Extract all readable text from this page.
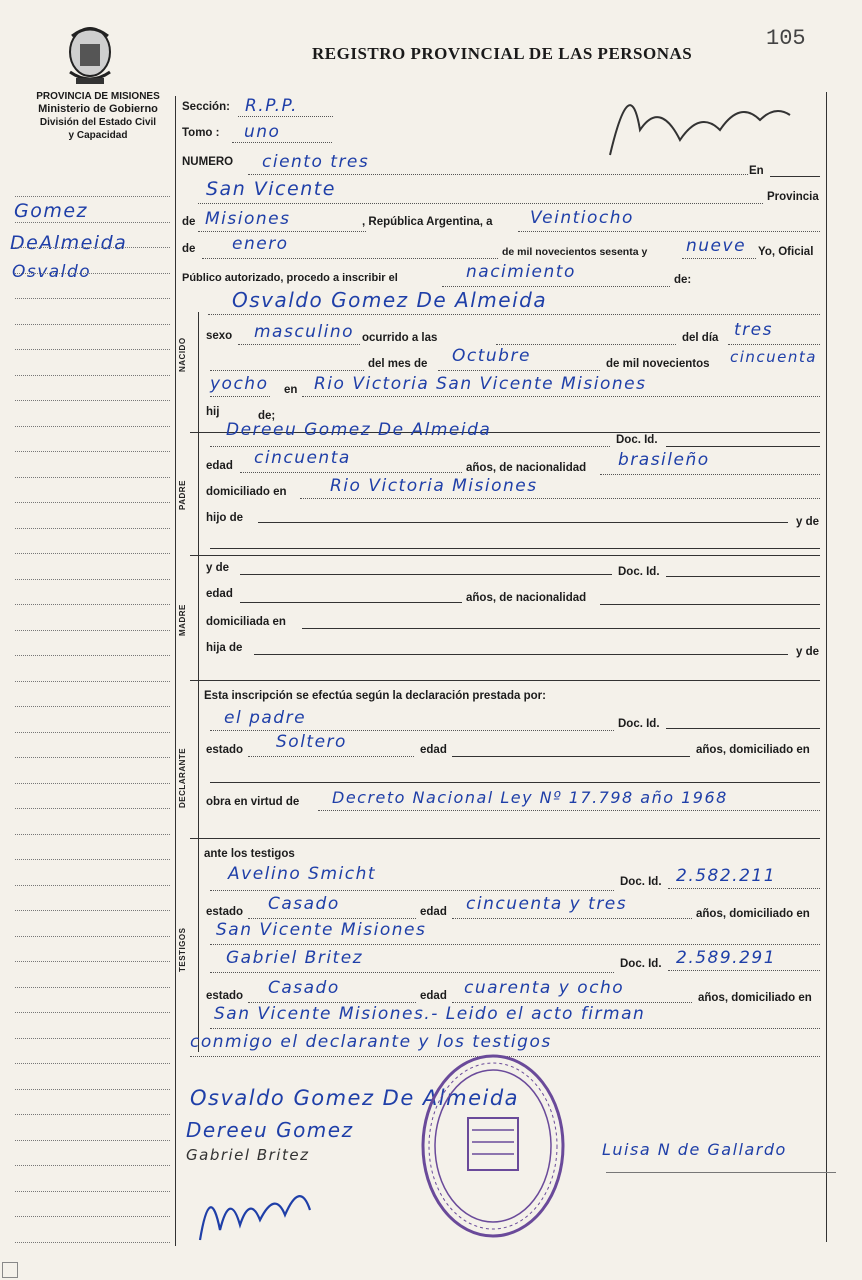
PROVINCIA DE MISIONES
Ministerio de Gobierno
División del Estado Civil
y Capacidad
REGISTRO PROVINCIAL DE LAS PERSONAS
105
Gomez
DeAlmeida
Osvaldo
NACIDO
PADRE
MADRE
DECLARANTE
TESTIGOS
Sección: R.P.P.
Tomo : uno
NUMERO ciento tres	En
San Vicente	Provincia
de Misiones	, República Argentina, a Veintiocho
de enero	de mil novecientos sesenta y nueve Yo, Oficial
Público autorizado, procedo a inscribir el	nacimiento	de:
Osvaldo Gomez De Almeida
sexo masculino ocurrido a las	del día tres
del mes de Octubre	de mil novecientos cincuenta
yocho en Rio Victoria San Vicente Misiones
hij	de;
Dereeu Gomez De Almeida	Doc. Id.
edad cincuenta	años, de nacionalidad brasileño
domiciliado en	Rio Victoria Misiones
hijo de	y de
y de	Doc. Id.
edad	años, de nacionalidad
domiciliada en
hija de	y de
Esta inscripción se efectúa según la declaración prestada por:
el padre	Doc. Id.
estado Soltero	edad	años, domiciliado en
obra en virtud de Decreto Nacional Ley Nº 17.798 año 1968
ante los testigos
Avelino Smicht	Doc. Id. 2.582.211
estado Casado	edad cincuenta y tres	años, domiciliado en
San Vicente Misiones
Gabriel Britez	Doc. Id. 2.589.291
estado Casado	edad cuarenta y ocho	años, domiciliado en
San Vicente Misiones.- Leido el acto firman
conmigo el declarante y los testigos
Osvaldo Gomez De Almeida
Dereeu Gomez
Gabriel Britez	Luisa N de Gallardo
